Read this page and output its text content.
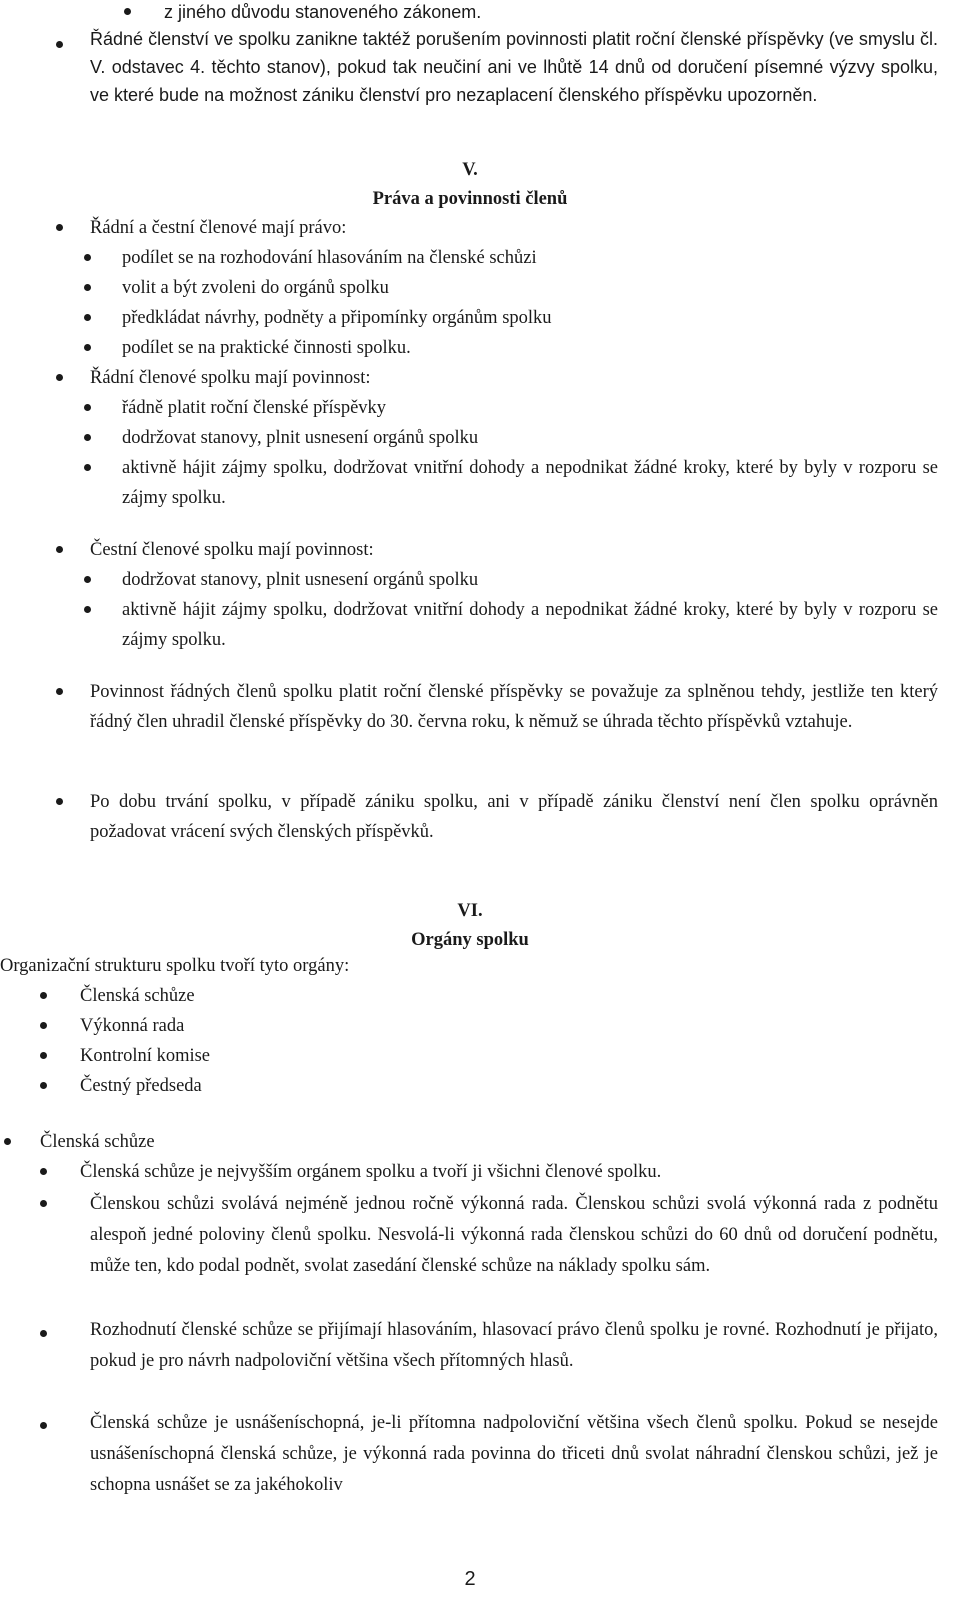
z jiného důvodu stanoveného zákonem.

Řádné členství ve spolku zanikne taktéž porušením povinnosti platit roční členské příspěvky (ve smyslu čl. V. odstavec 4. těchto stanov), pokud tak neučiní ani ve lhůtě 14 dnů od doručení písemné výzvy spolku, ve které bude na možnost zániku členství pro nezaplacení členského příspěvku upozorněn.

V.

Práva a povinnosti členů

Řádní a čestní členové mají právo:

podílet se na rozhodování hlasováním na členské schůzi

volit a být zvoleni do orgánů spolku

předkládat návrhy, podněty a připomínky orgánům spolku

podílet se na praktické činnosti spolku.

Řádní členové spolku mají povinnost:

řádně platit roční členské příspěvky

dodržovat stanovy, plnit usnesení orgánů spolku

aktivně hájit zájmy spolku, dodržovat vnitřní dohody a nepodnikat žádné kroky, které by byly v rozporu se zájmy spolku.

Čestní členové spolku mají povinnost:

dodržovat stanovy, plnit usnesení orgánů spolku

aktivně hájit zájmy spolku, dodržovat vnitřní dohody a nepodnikat žádné kroky, které by byly v rozporu se zájmy spolku.

Povinnost řádných členů spolku platit roční členské příspěvky se považuje za splněnou tehdy, jestliže ten který řádný člen uhradil členské příspěvky do 30. června roku, k němuž se úhrada těchto příspěvků vztahuje.

Po dobu trvání spolku, v případě zániku spolku, ani v případě zániku členství není člen spolku oprávněn požadovat vrácení svých členských příspěvků.

VI.

Orgány spolku

Organizační strukturu spolku tvoří tyto orgány:

Členská schůze

Výkonná rada

Kontrolní komise

Čestný předseda

Členská schůze

Členská schůze je nejvyšším orgánem spolku a tvoří ji všichni členové spolku.

Členskou schůzi svolává nejméně jednou ročně výkonná rada. Členskou schůzi svolá výkonná rada z podnětu alespoň jedné poloviny členů spolku. Nesvolá-li výkonná rada členskou schůzi do 60 dnů od doručení podnětu, může ten, kdo podal podnět, svolat zasedání členské schůze na náklady spolku sám.

Rozhodnutí členské schůze se přijímají hlasováním, hlasovací právo členů spolku je rovné. Rozhodnutí je přijato, pokud je pro návrh nadpoloviční většina všech přítomných hlasů.

Členská schůze je usnášeníschopná, je-li přítomna nadpoloviční většina všech členů spolku. Pokud se nesejde usnášeníschopná členská schůze, je výkonná rada povinna do třiceti dnů svolat náhradní členskou schůzi, jež je schopna usnášet se za jakéhokoliv

2
